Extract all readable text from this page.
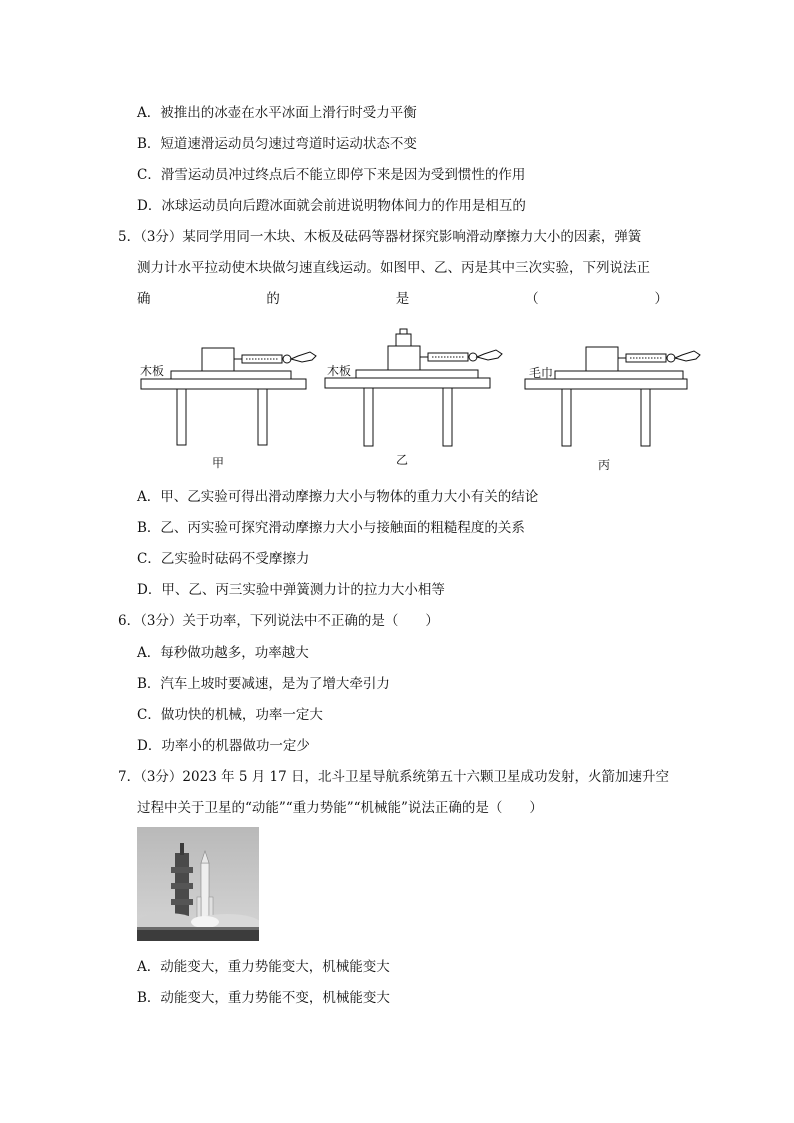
A．被推出的冰壶在水平冰面上滑行时受力平衡
B．短道速滑运动员匀速过弯道时运动状态不变
C．滑雪运动员冲过终点后不能立即停下来是因为受到惯性的作用
D．冰球运动员向后蹬冰面就会前进说明物体间力的作用是相互的
5．（3分）某同学用同一木块、木板及砝码等器材探究影响滑动摩擦力大小的因素，弹簧
测力计水平拉动使木块做匀速直线运动。如图甲、乙、丙是其中三次实验，下列说法正
确	的	是	（	）
木板	木板	毛巾
甲	乙	丙
A．甲、乙实验可得出滑动摩擦力大小与物体的重力大小有关的结论
B．乙、丙实验可探究滑动摩擦力大小与接触面的粗糙程度的关系
C．乙实验时砝码不受摩擦力
D．甲、乙、丙三实验中弹簧测力计的拉力大小相等
6．（3分）关于功率，下列说法中不正确的是（　　）
A．每秒做功越多，功率越大
B．汽车上坡时要减速，是为了增大牵引力
C．做功快的机械，功率一定大
D．功率小的机器做功一定少
7．（3分）2023 年 5 月 17 日，北斗卫星导航系统第五十六颗卫星成功发射，火箭加速升空
过程中关于卫星的“动能”“重力势能”“机械能”说法正确的是（　　）
A．动能变大，重力势能变大，机械能变大
B．动能变大，重力势能不变，机械能变大
